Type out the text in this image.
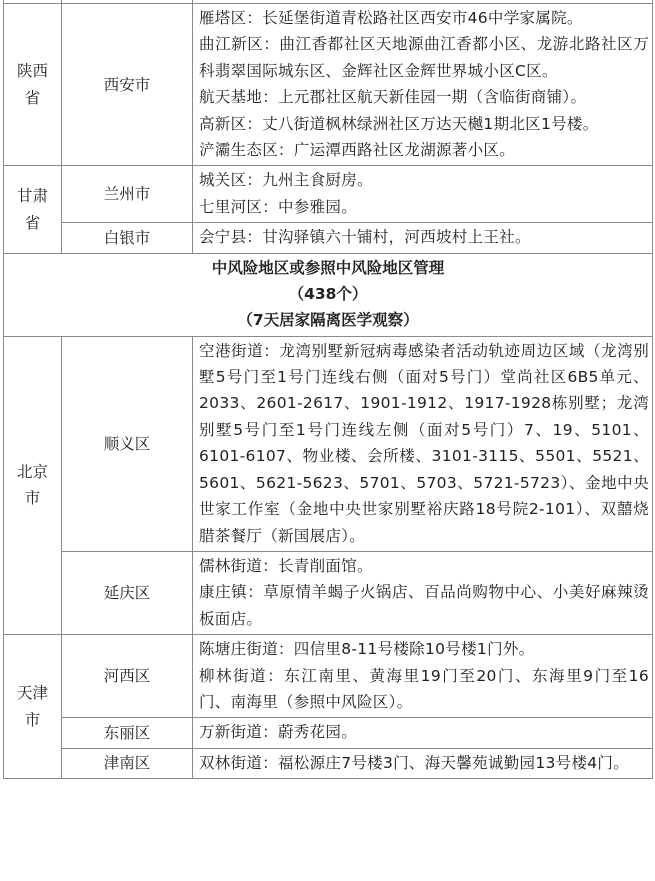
陕西省	西安市	雁塔区：长延堡街道青松路社区西安市46中学家属院。
曲江新区：曲江香都社区天地源曲江香都小区、龙游北路社区万科翡翠国际城东区、金辉社区金辉世界城小区C区。
航天基地：上元郡社区航天新佳园一期（含临街商铺）。
高新区：丈八街道枫林绿洲社区万达天樾1期北区1号楼。
浐灞生态区：广运潭西路社区龙湖源著小区。

甘肃省	兰州市	城关区：九州主食厨房。
七里河区：中参雅园。

	白银市	会宁县：甘沟驿镇六十铺村，河西坡村上王社。

中风险地区或参照中风险地区管理
（438个）
（7天居家隔离医学观察）		

北京市	顺义区	空港街道：龙湾别墅新冠病毒感染者活动轨迹周边区域（龙湾别墅5号门至1号门连线右侧（面对5号门）堂尚社区6B5单元、2033、2601-2617、1901-1912、1917-1928栋别墅；龙湾别墅5号门至1号门连线左侧（面对5号门）7、19、5101、6101-6107、物业楼、会所楼、3101-3115、5501、5521、5601、5621-5623、5701、5703、5721-5723）、金地中央世家工作室（金地中央世家别墅裕庆路18号院2-101）、双囍烧腊茶餐厅（新国展店）。

	延庆区	儒林街道：长青削面馆。
康庄镇：草原情羊蝎子火锅店、百品尚购物中心、小美好麻辣烫板面店。

天津市	河西区	陈塘庄街道：四信里8-11号楼除10号楼1门外。
柳林街道：东江南里、黄海里19门至20门、东海里9门至16门、南海里（参照中风险区）。

	东丽区	万新街道：蔚秀花园。

	津南区	双林街道：福松源庄7号楼3门、海天馨苑诚勤园13号楼4门。
